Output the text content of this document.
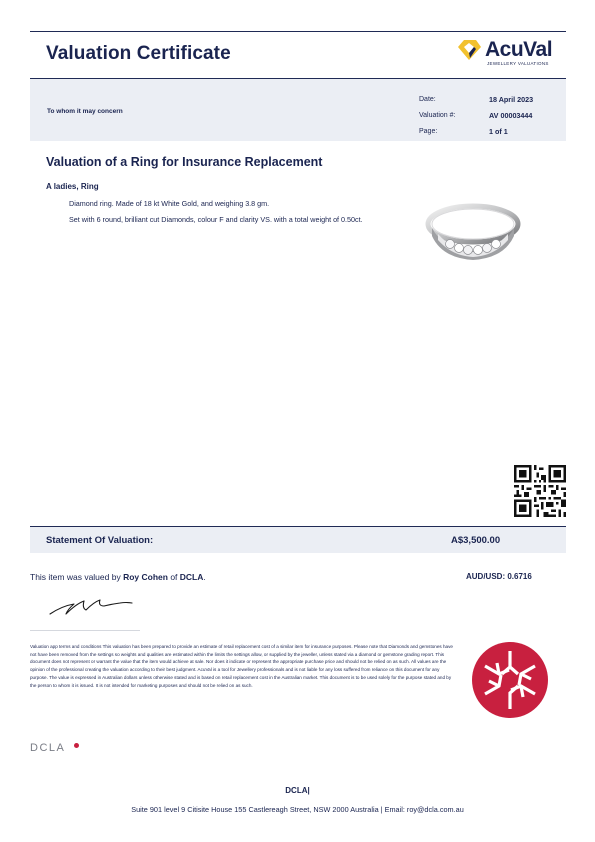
Valuation Certificate	AcuVal
JEWELLERY VALUATIONS
To whom it may concern
Date:	18 April 2023
Valuation #:	AV 00003444
Page:	1 of 1
Valuation of a Ring for Insurance Replacement
A ladies, Ring

Diamond ring. Made of 18 kt White Gold, and weighing 3.8 gm.

Set with 6 round, brilliant cut Diamonds, colour F and clarity VS. with a total weight of 0.50ct.

Statement Of Valuation:	A$3,500.00
This item was valued by Roy Cohen of DCLA.	AUD/USD: 0.6716
Valuation app terms and conditions This valuation has been prepared to provide an estimate of retail replacement cost of a similar item for insurance purposes. Please note that Diamonds and gemstones have not have been removed from the settings so weights and qualities are estimated within the limits the settings allow, or supplied by the jeweller, unless stated via a diamond or gemstone grading report. This document does not represent or warrant the value that the item would achieve at sale. Nor does it indicate or represent the appropriate purchase price and should not be relied on as such. All values are the opinion of the professional creating the valuation according to their best judgment. AcuVal is a tool for Jewellery professionals and is not liable for any loss suffered from reliance on this document for any purpose. The value is expressed in Australian dollars unless otherwise stated and is based on retail replacement cost in the Australian market. This document is to be used solely for the purpose stated and by the person to whom it is issued. It is not intended for marketing purposes and should not be relied on as such.
DCLA
DCLA|
Suite 901 level 9 Citisite House 155 Castlereagh Street, NSW 2000 Australia | Email: roy@dcla.com.au
